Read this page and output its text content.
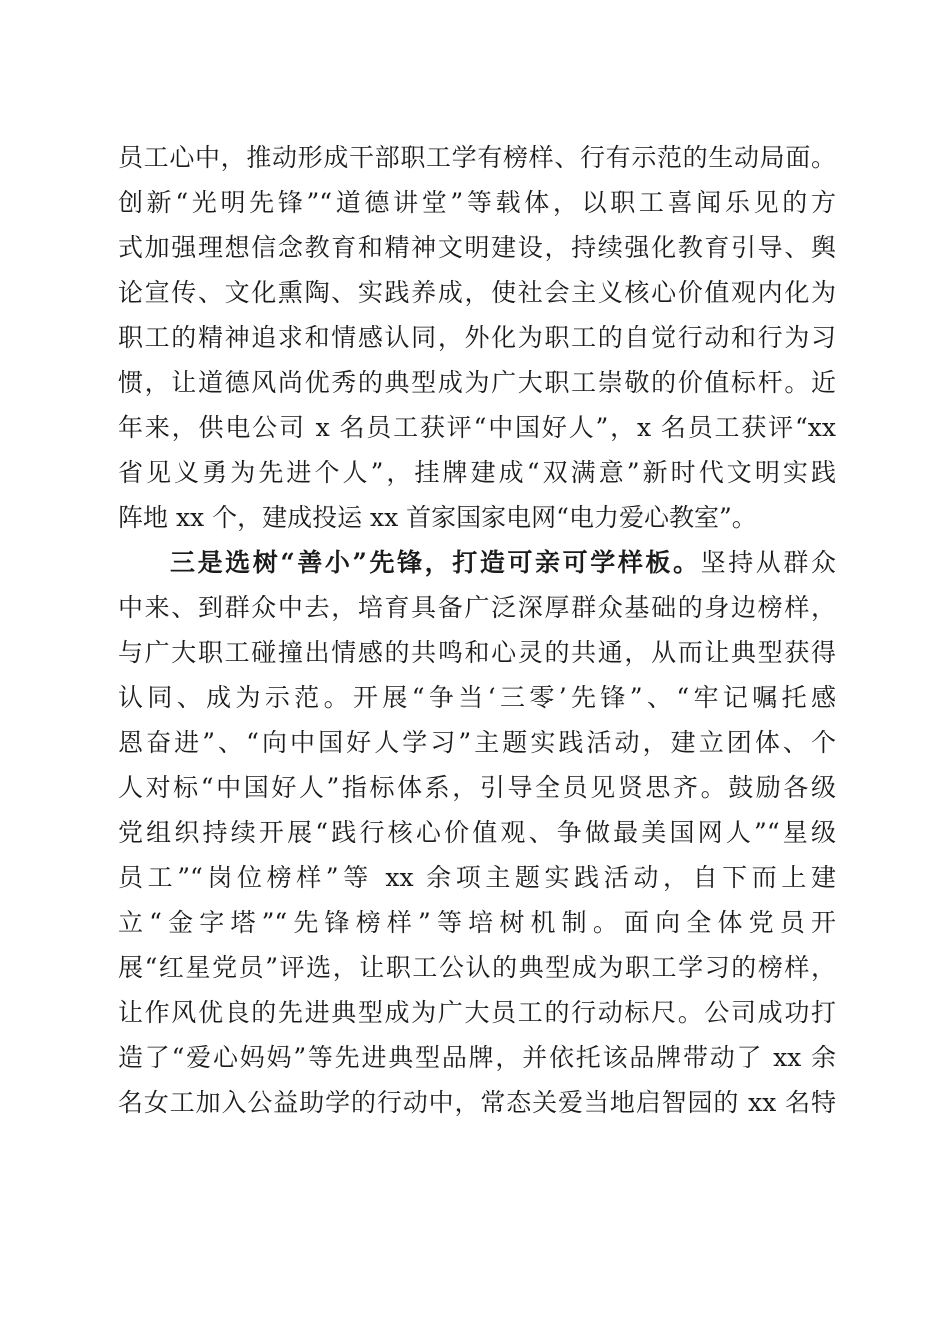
员工心中，推动形成干部职工学有榜样、行有示范的生动局面。
创新“光明先锋”“道德讲堂”等载体，以职工喜闻乐见的方
式加强理想信念教育和精神文明建设，持续强化教育引导、舆
论宣传、文化熏陶、实践养成，使社会主义核心价值观内化为
职工的精神追求和情感认同，外化为职工的自觉行动和行为习
惯，让道德风尚优秀的典型成为广大职工崇敬的价值标杆。近
年来，供电公司 x 名员工获评“中国好人”，x 名员工获评“xx
省见义勇为先进个人”，挂牌建成“双满意”新时代文明实践
阵地 xx 个，建成投运 xx 首家国家电网“电力爱心教室”。
三是选树“善小”先锋，打造可亲可学样板。坚持从群众
中来、到群众中去，培育具备广泛深厚群众基础的身边榜样，
与广大职工碰撞出情感的共鸣和心灵的共通，从而让典型获得
认同、成为示范。开展“争当‘三零’先锋”、“牢记嘱托感
恩奋进”、“向中国好人学习”主题实践活动，建立团体、个
人对标“中国好人”指标体系，引导全员见贤思齐。鼓励各级
党组织持续开展“践行核心价值观、争做最美国网人”“星级
员工”“岗位榜样”等 xx 余项主题实践活动，自下而上建
立“金字塔”“先锋榜样”等培树机制。面向全体党员开
展“红星党员”评选，让职工公认的典型成为职工学习的榜样，
让作风优良的先进典型成为广大员工的行动标尺。公司成功打
造了“爱心妈妈”等先进典型品牌，并依托该品牌带动了 xx 余
名女工加入公益助学的行动中，常态关爱当地启智园的 xx 名特
